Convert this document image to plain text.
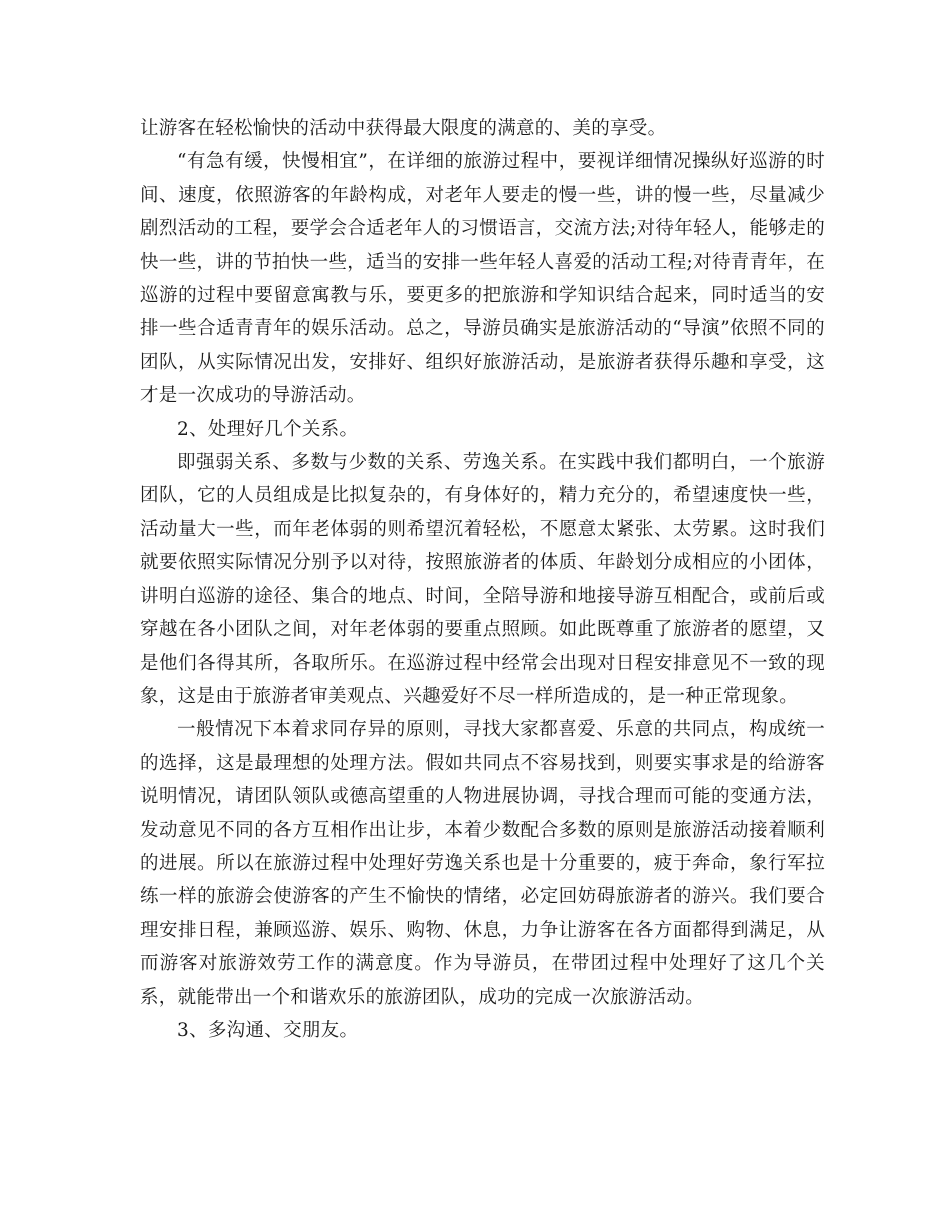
让游客在轻松愉快的活动中获得最大限度的满意的、美的享受。

“有急有缓，快慢相宜”，在详细的旅游过程中，要视详细情况操纵好巡游的时间、速度，依照游客的年龄构成，对老年人要走的慢一些，讲的慢一些，尽量减少剧烈活动的工程，要学会合适老年人的习惯语言，交流方法;对待年轻人，能够走的快一些，讲的节拍快一些，适当的安排一些年轻人喜爱的活动工程;对待青青年，在巡游的过程中要留意寓教与乐，要更多的把旅游和学知识结合起来，同时适当的安排一些合适青青年的娱乐活动。总之，导游员确实是旅游活动的“导演”依照不同的团队，从实际情况出发，安排好、组织好旅游活动，是旅游者获得乐趣和享受，这才是一次成功的导游活动。

2、处理好几个关系。

即强弱关系、多数与少数的关系、劳逸关系。在实践中我们都明白，一个旅游团队，它的人员组成是比拟复杂的，有身体好的，精力充分的，希望速度快一些，活动量大一些，而年老体弱的则希望沉着轻松，不愿意太紧张、太劳累。这时我们就要依照实际情况分别予以对待，按照旅游者的体质、年龄划分成相应的小团体，讲明白巡游的途径、集合的地点、时间，全陪导游和地接导游互相配合，或前后或穿越在各小团队之间，对年老体弱的要重点照顾。如此既尊重了旅游者的愿望，又是他们各得其所，各取所乐。在巡游过程中经常会出现对日程安排意见不一致的现象，这是由于旅游者审美观点、兴趣爱好不尽一样所造成的，是一种正常现象。

一般情况下本着求同存异的原则，寻找大家都喜爱、乐意的共同点，构成统一的选择，这是最理想的处理方法。假如共同点不容易找到，则要实事求是的给游客说明情况，请团队领队或德高望重的人物进展协调，寻找合理而可能的变通方法，发动意见不同的各方互相作出让步，本着少数配合多数的原则是旅游活动接着顺利的进展。所以在旅游过程中处理好劳逸关系也是十分重要的，疲于奔命，象行军拉练一样的旅游会使游客的产生不愉快的情绪，必定回妨碍旅游者的游兴。我们要合理安排日程，兼顾巡游、娱乐、购物、休息，力争让游客在各方面都得到满足，从而游客对旅游效劳工作的满意度。作为导游员，在带团过程中处理好了这几个关系，就能带出一个和谐欢乐的旅游团队，成功的完成一次旅游活动。

3、多沟通、交朋友。
